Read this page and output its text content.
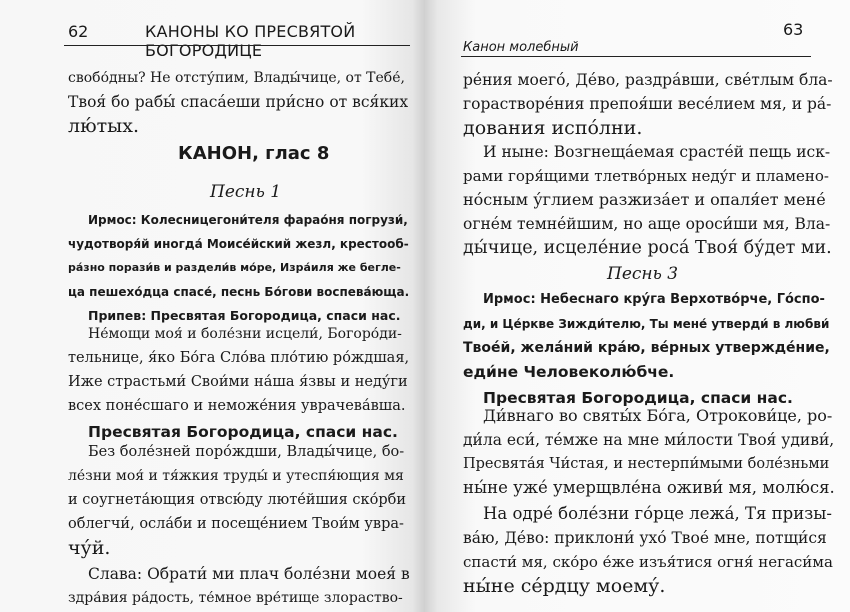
62	КАНОНЫ КО ПРЕСВЯТОЙ БОГОРОДИЦЕ
свобо́дны? Не отсту́пим, Влады́чице, от Тебе́,
Твоя́ бо рабы́ спаса́еши при́сно от вся́ких
лю́тых.
КАНОН, глас 8
Песнь 1
Ирмос: Колесницегони́теля фарао́ня погрузи́,
чудотворя́й иногда́ Моисе́йский жезл, крестооб-
ра́зно порази́в и раздели́в мо́ре, Изра́иля же бегле-
ца пешехо́дца спасе́, песнь Бо́гови воспева́юща.
Припев: Пресвятая Богородица, спаси нас.
Не́мощи моя́ и боле́зни исцели́, Богоро́ди-
тельнице, я́ко Бо́га Сло́ва пло́тию ро́ждшая,
Иже страстьми́ Свои́ми на́ша я́звы и неду́ги
всех поне́сшаго и неможе́ния уврачева́вша.
Пресвятая Богородица, спаси нас.
Без боле́зней поро́ждши, Влады́чице, бо-
ле́зни моя́ и тя́жкия труды́ и утеспя́ющия мя
и соугнета́ющия отвсю́ду люте́йшия ско́рби
облегчи́, осла́би и посеще́нием Твои́м уврa-
чу́й.
Слава: Обрати́ ми плач боле́зни моея́ в
здра́вия ра́дость, те́мное вре́тище злораство-
Канон молебный
63
ре́ния моего́, Де́во, раздра́вши, све́тлым бла-
горастворе́ния препоя́ши весе́лием мя, и ра́-
дования испо́лни.
И ныне: Возгнеща́емая срасте́й пещь иск-
рами горя́щими тлетво́рных неду́г и пламено-
но́сным у́глием разжиза́ет и опаля́ет мене́
огне́м темне́йшим, но аще ороси́ши мя, Вла-
ды́чице, исцеле́ние роса́ Твоя́ бу́дет ми.
Песнь 3
Ирмос: Небеснаго кру́га Верхотво́рче, Го́спо-
ди, и Це́ркве Зижди́телю, Ты мене́ утверди́ в любви́
Твое́й, жела́ний кра́ю, ве́рных утвержде́ние,
еди́не Человеколю́бче.
Пресвятая Богородица, спаси нас.
Ди́внаго во святы́х Бо́га, Отрокови́це, ро-
ди́ла еси́, те́мже на мне ми́лости Твоя́ удиви́,
Пресвята́я Чи́стая, и нестерпи́мыми боле́зньми
ны́не уже́ умерщвле́на оживи́ мя, молю́ся.
На одре́ боле́зни го́рце лежа́, Тя призы-
ва́ю, Де́во: приклони́ ухо́ Твое́ мне, потщи́ся
спасти́ мя, ско́ро е́же изъя́тися огня́ негаси́ма
ны́не се́рдцу моему́.
